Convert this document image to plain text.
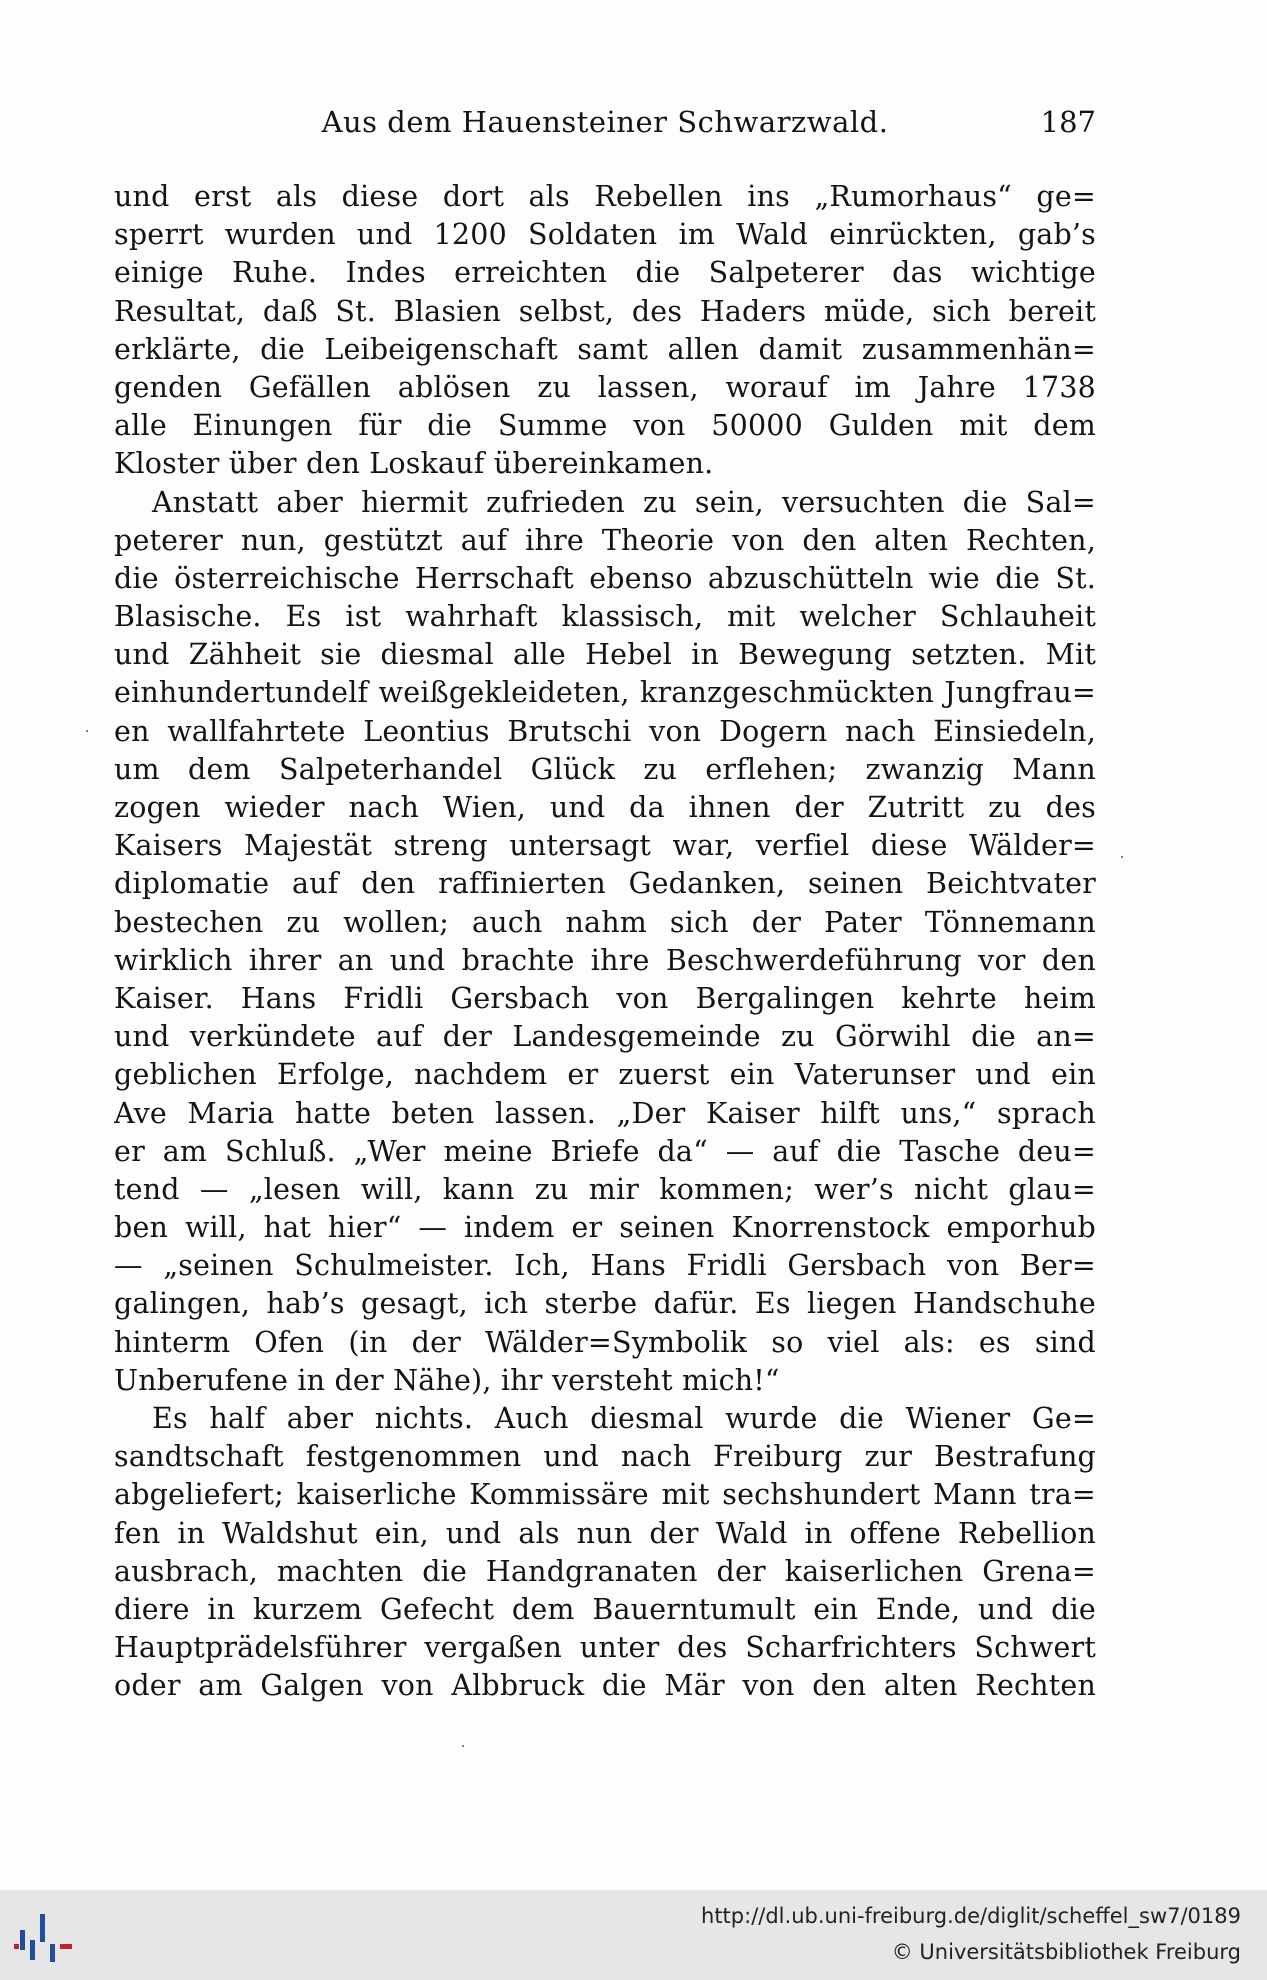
Aus dem Hauensteiner Schwarzwald.	187
und erst als diese dort als Rebellen ins „Rumorhaus“ ge=
sperrt wurden und 1200 Soldaten im Wald einrückten, gab’s
einige Ruhe. Indes erreichten die Salpeterer das wichtige
Resultat, daß St. Blasien selbst, des Haders müde, sich bereit
erklärte, die Leibeigenschaft samt allen damit zusammenhän=
genden Gefällen ablösen zu lassen, worauf im Jahre 1738
alle Einungen für die Summe von 50000 Gulden mit dem
Kloster über den Loskauf übereinkamen.
Anstatt aber hiermit zufrieden zu sein, versuchten die Sal=
peterer nun, gestützt auf ihre Theorie von den alten Rechten,
die österreichische Herrschaft ebenso abzuschütteln wie die St.
Blasische. Es ist wahrhaft klassisch, mit welcher Schlauheit
und Zähheit sie diesmal alle Hebel in Bewegung setzten. Mit
einhundertundelf weißgekleideten, kranzgeschmückten Jungfrau=
en wallfahrtete Leontius Brutschi von Dogern nach Einsiedeln,
um dem Salpeterhandel Glück zu erflehen; zwanzig Mann
zogen wieder nach Wien, und da ihnen der Zutritt zu des
Kaisers Majestät streng untersagt war, verfiel diese Wälder=
diplomatie auf den raffinierten Gedanken, seinen Beichtvater
bestechen zu wollen; auch nahm sich der Pater Tönnemann
wirklich ihrer an und brachte ihre Beschwerdeführung vor den
Kaiser. Hans Fridli Gersbach von Bergalingen kehrte heim
und verkündete auf der Landesgemeinde zu Görwihl die an=
geblichen Erfolge, nachdem er zuerst ein Vaterunser und ein
Ave Maria hatte beten lassen. „Der Kaiser hilft uns,“ sprach
er am Schluß. „Wer meine Briefe da“ — auf die Tasche deu=
tend — „lesen will, kann zu mir kommen; wer’s nicht glau=
ben will, hat hier“ — indem er seinen Knorrenstock emporhub
— „seinen Schulmeister. Ich, Hans Fridli Gersbach von Ber=
galingen, hab’s gesagt, ich sterbe dafür. Es liegen Handschuhe
hinterm Ofen (in der Wälder=Symbolik so viel als: es sind
Unberufene in der Nähe), ihr versteht mich!“
Es half aber nichts. Auch diesmal wurde die Wiener Ge=
sandtschaft festgenommen und nach Freiburg zur Bestrafung
abgeliefert; kaiserliche Kommissäre mit sechshundert Mann tra=
fen in Waldshut ein, und als nun der Wald in offene Rebellion
ausbrach, machten die Handgranaten der kaiserlichen Grena=
diere in kurzem Gefecht dem Bauerntumult ein Ende, und die
Hauptprädelsführer vergaßen unter des Scharfrichters Schwert
oder am Galgen von Albbruck die Mär von den alten Rechten
http://dl.ub.uni-freiburg.de/diglit/scheffel_sw7/0189
© Universitätsbibliothek Freiburg
